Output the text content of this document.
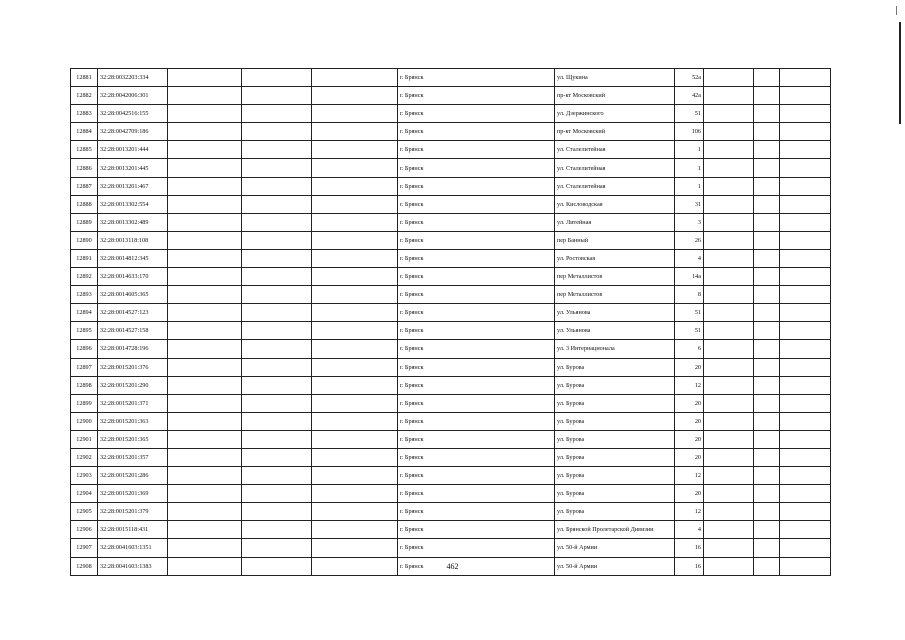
12881	32:28:0032203:334				г. Брянск	ул. Щукина	52a			
12882	32:28:0042006:301				г. Брянск	пр-кт Московский	42a			
12883	32:28:0042516:155				г. Брянск	ул. Дзержинского	51			
12884	32:28:0042709:186				г. Брянск	пр-кт Московский	106			
12885	32:28:0013201:444				г. Брянск	ул. Сталелитейная	1			
12886	32:28:0013201:445				г. Брянск	ул. Сталелитейная	1			
12887	32:28:0013201:467				г. Брянск	ул. Сталелитейная	1			
12888	32:28:0013302:554				г. Брянск	ул. Кисловодская	31			
12889	32:28:0013302:489				г. Брянск	ул. Литейная	3			
12890	32:28:0013118:108				г. Брянск	пер Банный	26			
12891	32:28:0014812:345				г. Брянск	ул. Ростовская	4			
12892	32:28:0014633:170				г. Брянск	пер Металлистов	14a			
12893	32:28:0014605:365				г. Брянск	пер Металлистов	8			
12894	32:28:0014527:123				г. Брянск	ул. Ульянова	51			
12895	32:28:0014527:158				г. Брянск	ул. Ульянова	51			
12896	32:28:0014728:196				г. Брянск	ул. 3 Интернационала	6			
12897	32:28:0015201:376				г. Брянск	ул. Бурова	20			
12898	32:28:0015201:290				г. Брянск	ул. Бурова	12			
12899	32:28:0015201:371				г. Брянск	ул. Бурова	20			
12900	32:28:0015201:363				г. Брянск	ул. Бурова	20			
12901	32:28:0015201:365				г. Брянск	ул. Бурова	20			
12902	32:28:0015201:357				г. Брянск	ул. Бурова	20			
12903	32:28:0015201:286				г. Брянск	ул. Бурова	12			
12904	32:28:0015201:369				г. Брянск	ул. Бурова	20			
12905	32:28:0015201:379				г. Брянск	ул. Бурова	12			
12906	32:28:0015118:431				г. Брянск	ул. Брянской Пролетарской Дивизии	4			
12907	32:28:0041603:1351				г. Брянск	ул. 50-й Армии	16			
12908	32:28:0041603:1383				г. Брянск	ул. 50-й Армии	16			
462
